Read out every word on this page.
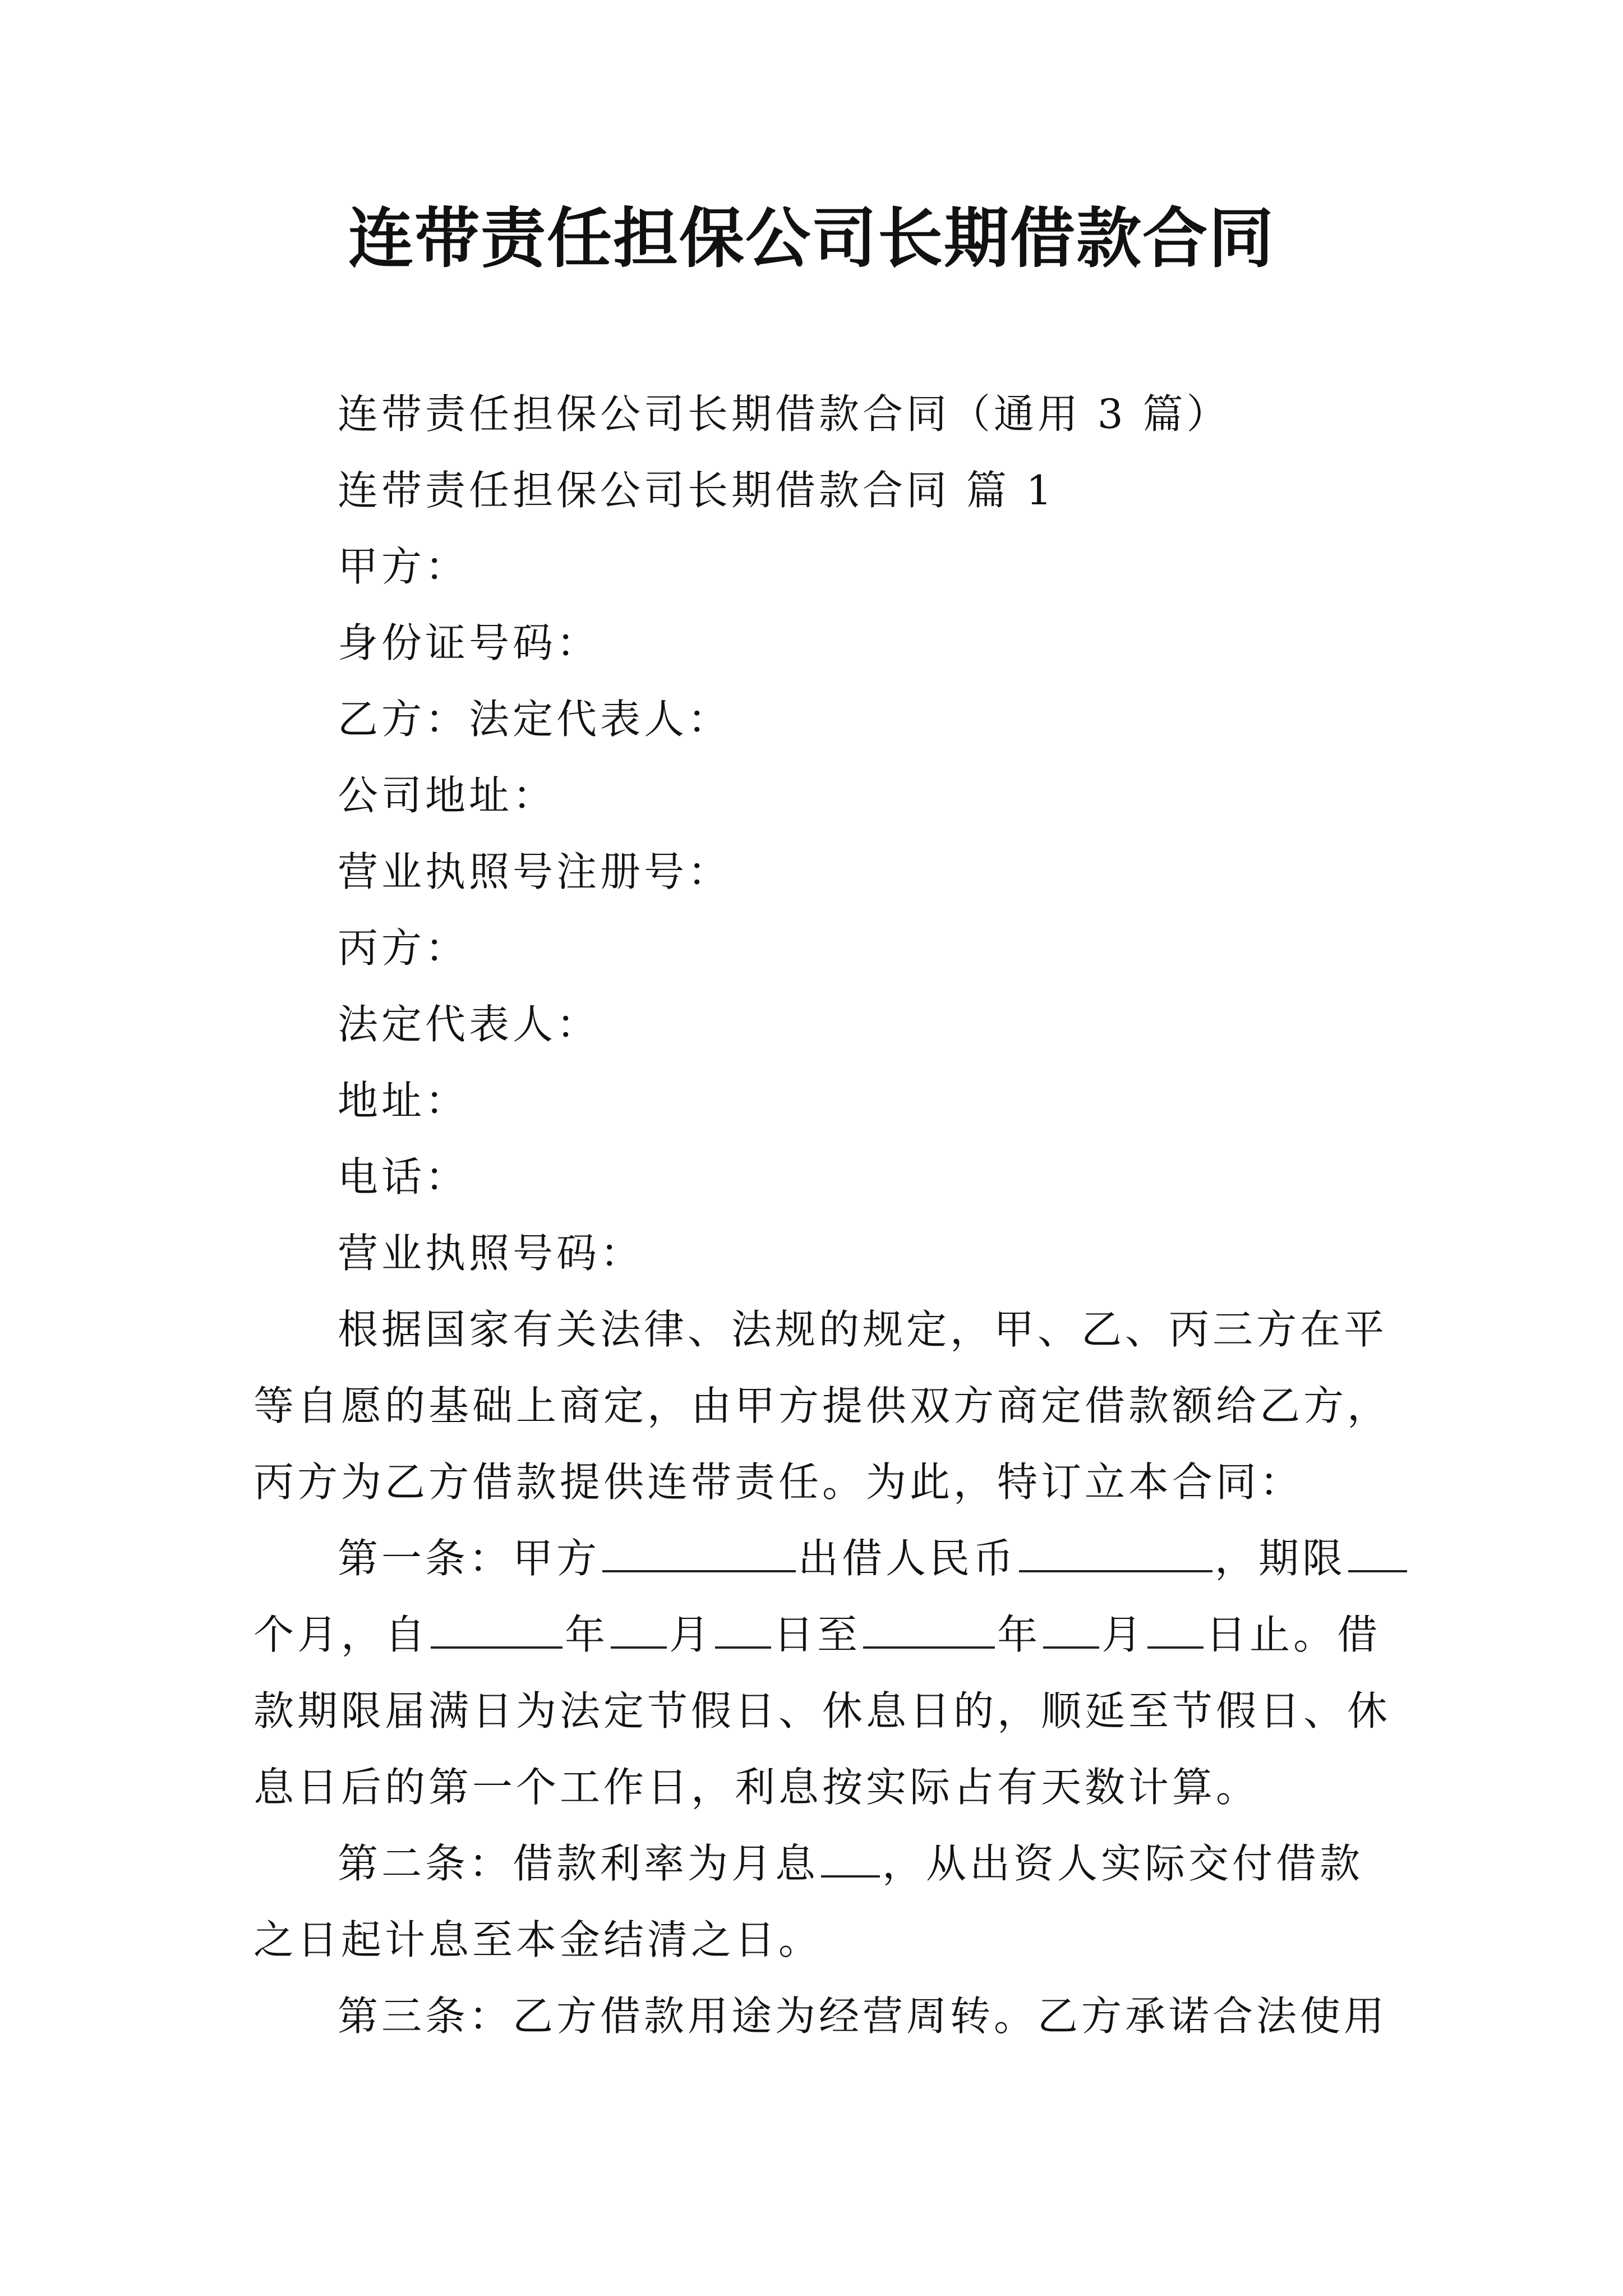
连带责任担保公司长期借款合同
连带责任担保公司长期借款合同（通用 3 篇）
连带责任担保公司长期借款合同 篇 1
甲方：
身份证号码：
乙方：法定代表人：
公司地址：
营业执照号注册号：
丙方：
法定代表人：
地址：
电话：
营业执照号码：
根据国家有关法律、法规的规定，甲、乙、丙三方在平
等自愿的基础上商定，由甲方提供双方商定借款额给乙方，
丙方为乙方借款提供连带责任。为此，特订立本合同：
第一条：甲方	出借人民币	，期限
个月，自	年 月 日至	年 月 日止。借
款期限届满日为法定节假日、休息日的，顺延至节假日、休
息日后的第一个工作日，利息按实际占有天数计算。
第二条：借款利率为月息 ，从出资人实际交付借款
之日起计息至本金结清之日。
第三条：乙方借款用途为经营周转。乙方承诺合法使用
